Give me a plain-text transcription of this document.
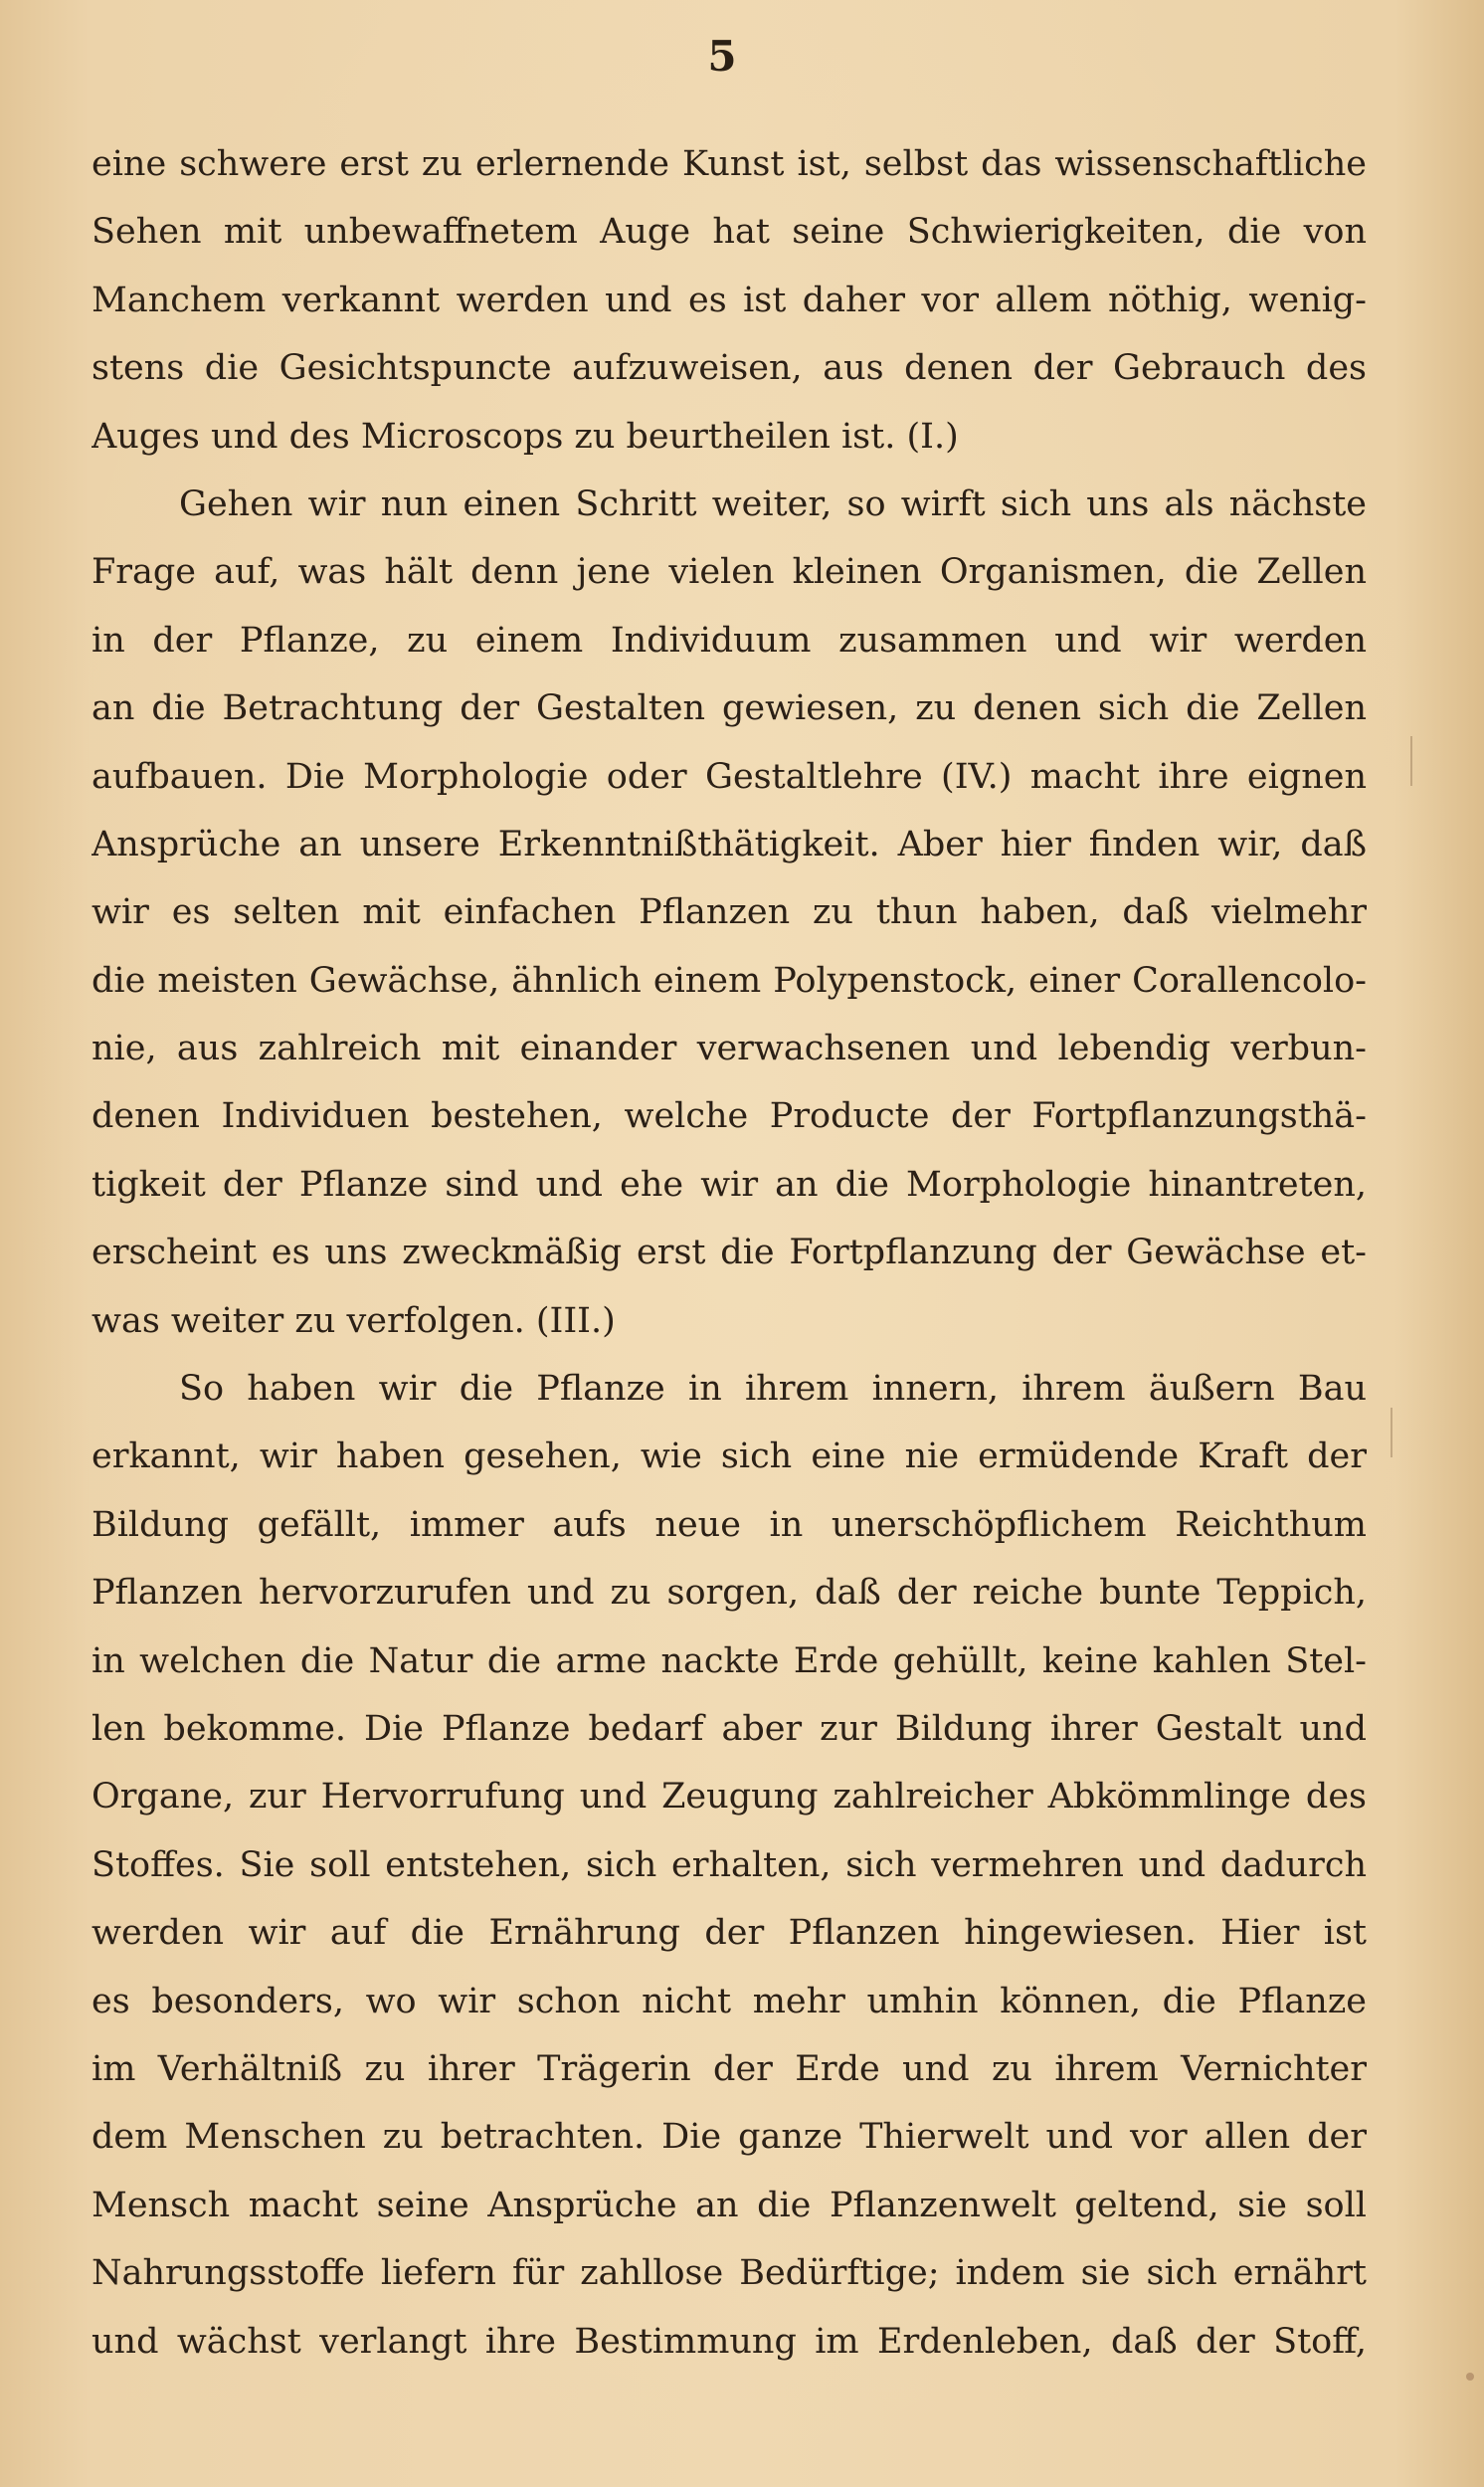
5
eine schwere erst zu erlernende Kunst ist, selbst das wissenschaftliche
Sehen mit unbewaffnetem Auge hat seine Schwierigkeiten, die von
Manchem verkannt werden und es ist daher vor allem nöthig, wenig-
stens die Gesichtspuncte aufzuweisen, aus denen der Gebrauch des
Auges und des Microscops zu beurtheilen ist. (I.)
Gehen wir nun einen Schritt weiter, so wirft sich uns als nächste
Frage auf, was hält denn jene vielen kleinen Organismen, die Zellen
in der Pflanze, zu einem Individuum zusammen und wir werden
an die Betrachtung der Gestalten gewiesen, zu denen sich die Zellen
aufbauen. Die Morphologie oder Gestaltlehre (IV.) macht ihre eignen
Ansprüche an unsere Erkenntnißthätigkeit. Aber hier finden wir, daß
wir es selten mit einfachen Pflanzen zu thun haben, daß vielmehr
die meisten Gewächse, ähnlich einem Polypenstock, einer Corallencolo-
nie, aus zahlreich mit einander verwachsenen und lebendig verbun-
denen Individuen bestehen, welche Producte der Fortpflanzungsthä-
tigkeit der Pflanze sind und ehe wir an die Morphologie hinantreten,
erscheint es uns zweckmäßig erst die Fortpflanzung der Gewächse et-
was weiter zu verfolgen. (III.)
So haben wir die Pflanze in ihrem innern, ihrem äußern Bau
erkannt, wir haben gesehen, wie sich eine nie ermüdende Kraft der
Bildung gefällt, immer aufs neue in unerschöpflichem Reichthum
Pflanzen hervorzurufen und zu sorgen, daß der reiche bunte Teppich,
in welchen die Natur die arme nackte Erde gehüllt, keine kahlen Stel-
len bekomme. Die Pflanze bedarf aber zur Bildung ihrer Gestalt und
Organe, zur Hervorrufung und Zeugung zahlreicher Abkömmlinge des
Stoffes. Sie soll entstehen, sich erhalten, sich vermehren und dadurch
werden wir auf die Ernährung der Pflanzen hingewiesen. Hier ist
es besonders, wo wir schon nicht mehr umhin können, die Pflanze
im Verhältniß zu ihrer Trägerin der Erde und zu ihrem Vernichter
dem Menschen zu betrachten. Die ganze Thierwelt und vor allen der
Mensch macht seine Ansprüche an die Pflanzenwelt geltend, sie soll
Nahrungsstoffe liefern für zahllose Bedürftige; indem sie sich ernährt
und wächst verlangt ihre Bestimmung im Erdenleben, daß der Stoff,
